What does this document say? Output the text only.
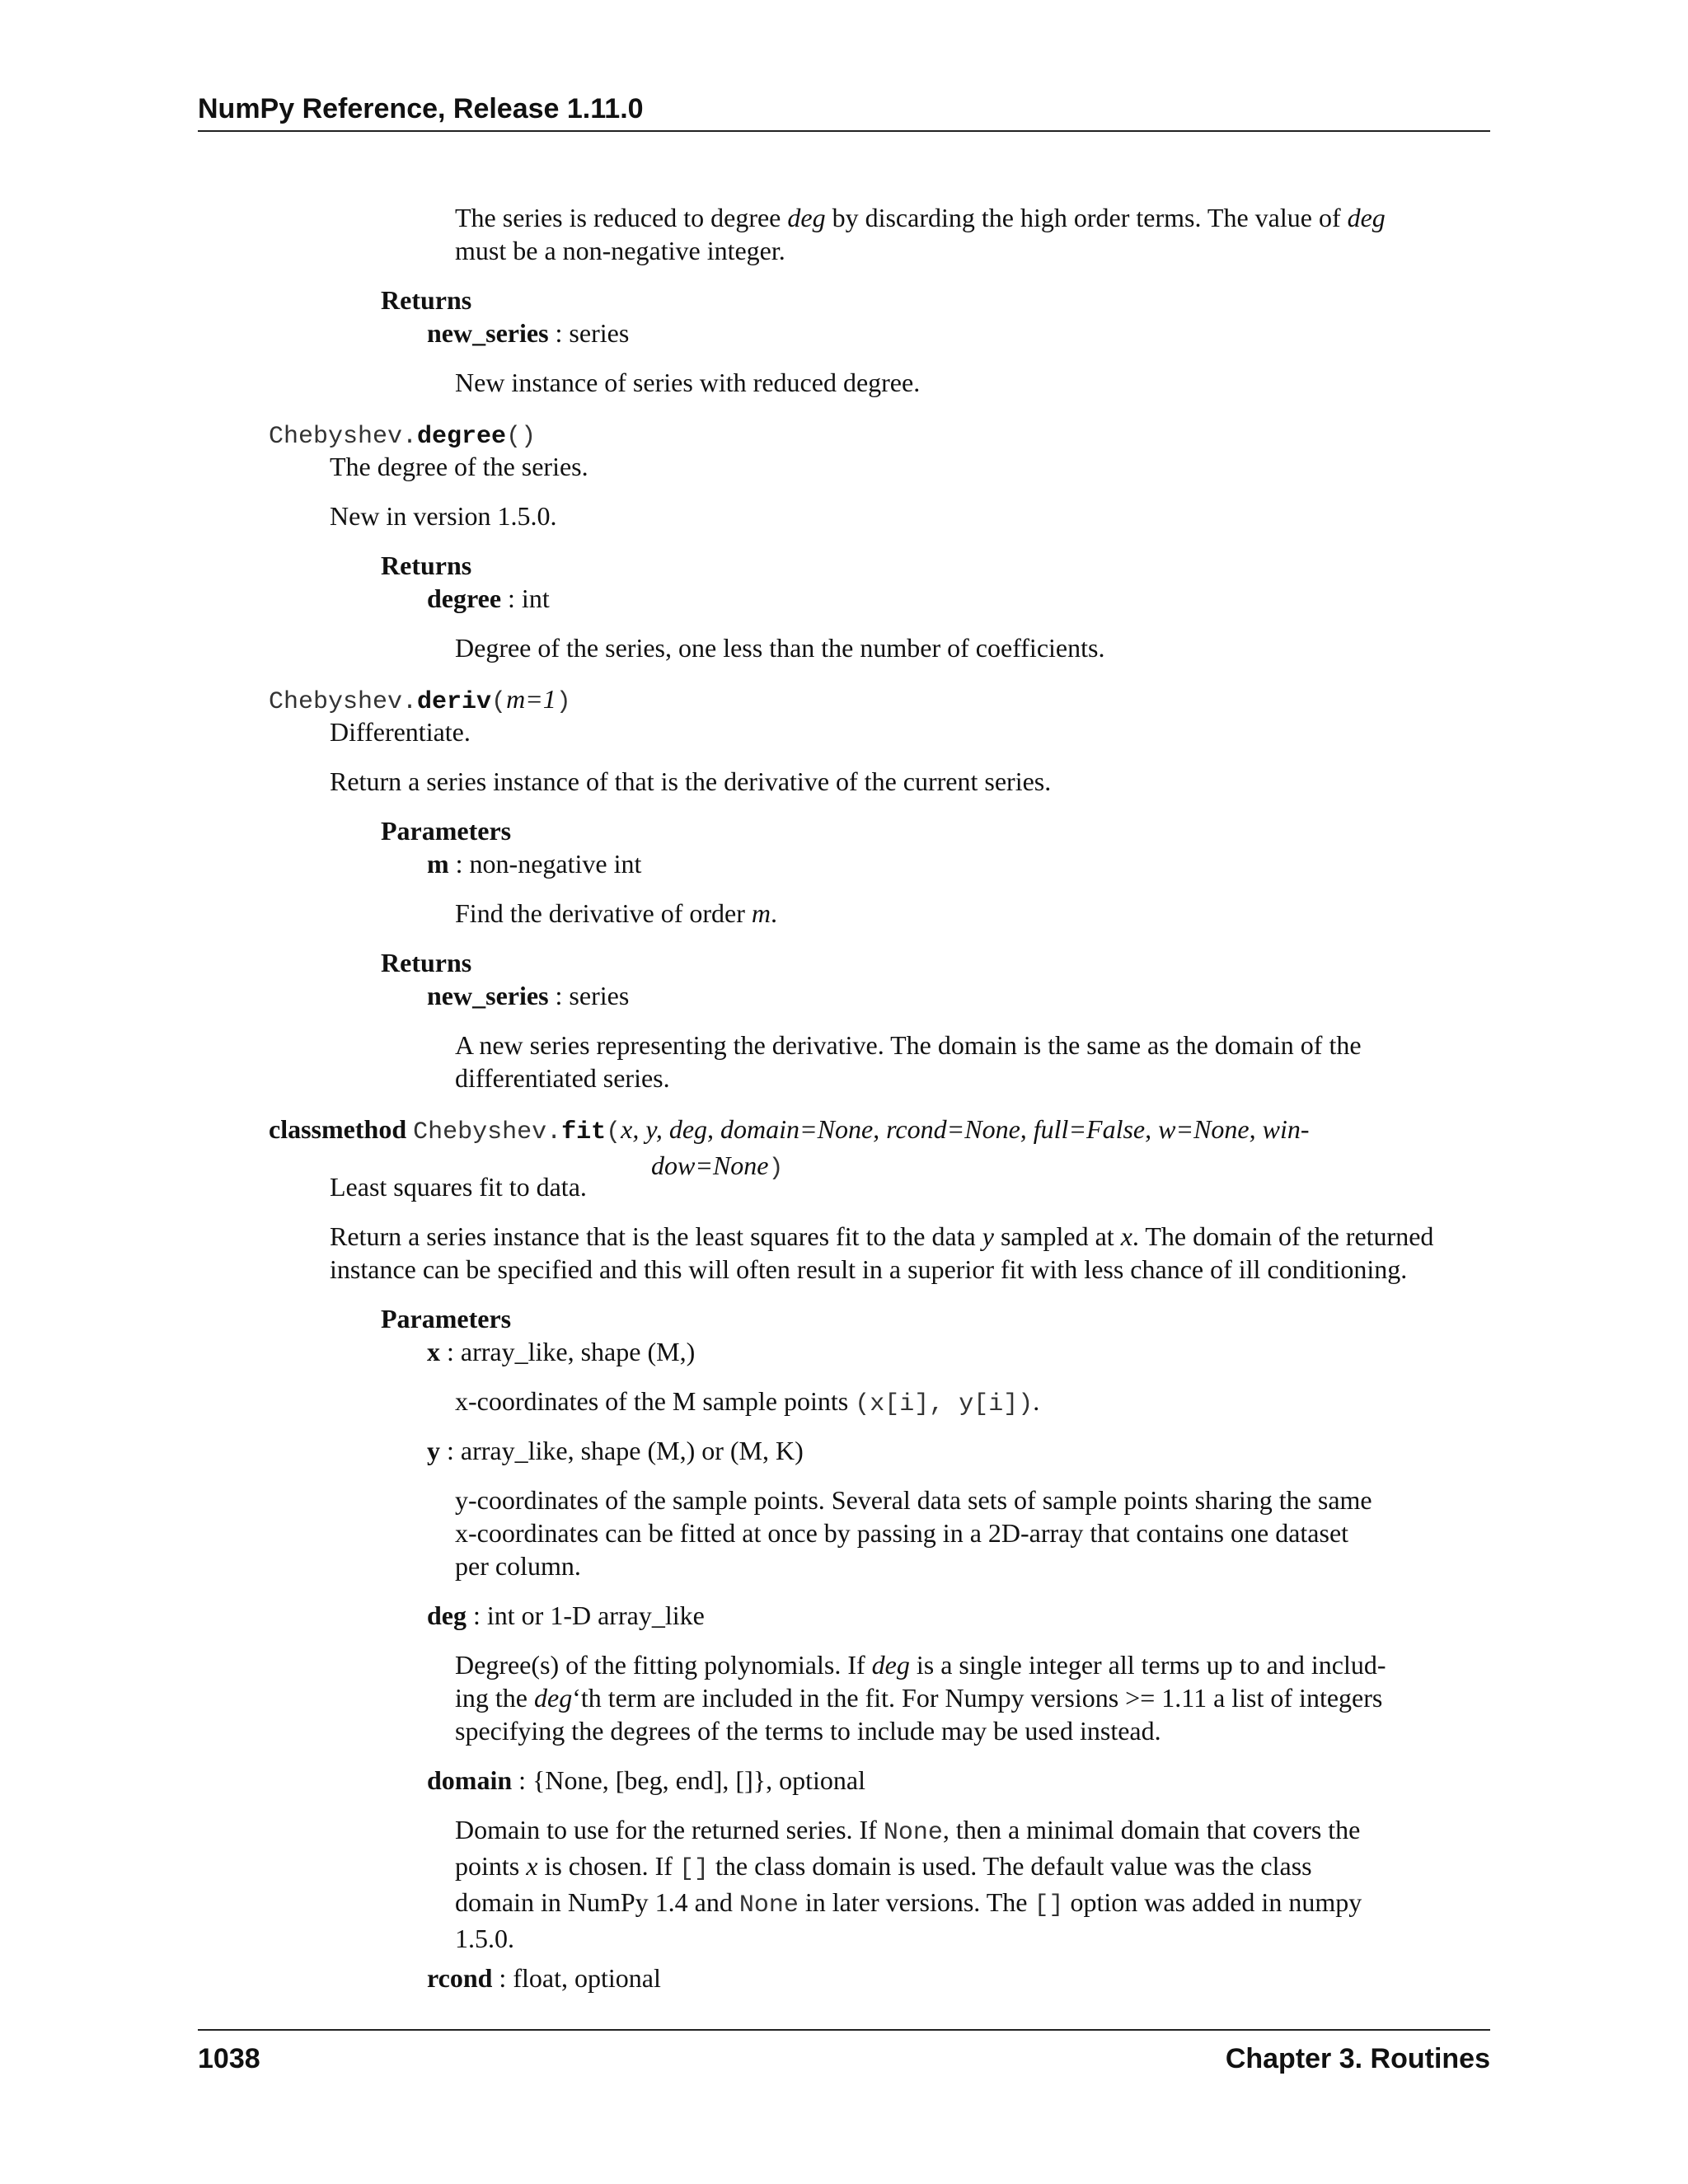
NumPy Reference, Release 1.11.0

The series is reduced to degree deg by discarding the high order terms. The value of deg

must be a non-negative integer.

Returns
new_series : series
New instance of series with reduced degree.
Chebyshev.degree()
The degree of the series.
New in version 1.5.0.
Returns
degree : int
Degree of the series, one less than the number of coefficients.
Chebyshev.deriv(m=1)
Differentiate.
Return a series instance of that is the derivative of the current series.
Parameters
m : non-negative int
Find the derivative of order m.
Returns
new_series : series

A new series representing the derivative. The domain is the same as the domain of the

differentiated series.

classmethod Chebyshev.fit(x, y, deg, domain=None, rcond=None, full=False, w=None, win-

dow=None)

Least squares fit to data.

Return a series instance that is the least squares fit to the data y sampled at x. The domain of the returned

instance can be specified and this will often result in a superior fit with less chance of ill conditioning.

Parameters
x : array_like, shape (M,)
x-coordinates of the M sample points (x[i], y[i]).
y : array_like, shape (M,) or (M, K)

y-coordinates of the sample points. Several data sets of sample points sharing the same

x-coordinates can be fitted at once by passing in a 2D-array that contains one dataset

per column.

deg : int or 1-D array_like

Degree(s) of the fitting polynomials. If deg is a single integer all terms up to and includ-

ing the deg‘th term are included in the fit. For Numpy versions >= 1.11 a list of integers

specifying the degrees of the terms to include may be used instead.

domain : {None, [beg, end], []}, optional

Domain to use for the returned series. If None, then a minimal domain that covers the

points x is chosen. If [] the class domain is used. The default value was the class

domain in NumPy 1.4 and None in later versions. The [] option was added in numpy

1.5.0.

rcond : float, optional
1038	Chapter 3. Routines
